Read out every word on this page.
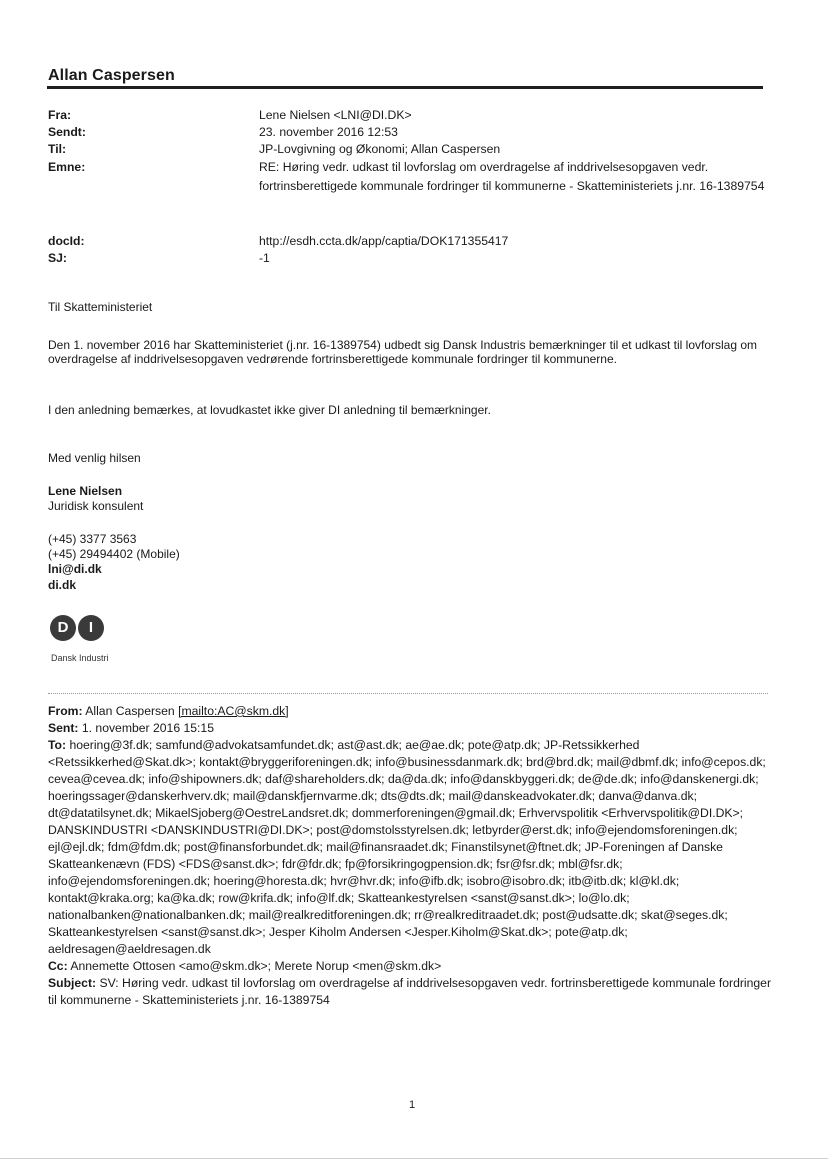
Allan Caspersen
Fra:	Lene Nielsen <LNI@DI.DK>
Sendt:	23. november 2016 12:53
Til:	JP-Lovgivning og Økonomi; Allan Caspersen
Emne:	RE: Høring vedr. udkast til lovforslag om overdragelse af inddrivelsesopgaven vedr. fortrinsberettigede kommunale fordringer til kommunerne - Skatteministeriets j.nr. 16-1389754
docId:	http://esdh.ccta.dk/app/captia/DOK171355417
SJ:	-1
Til Skatteministeriet
Den 1. november 2016 har Skatteministeriet (j.nr. 16-1389754) udbedt sig Dansk Industris bemærkninger til et udkast til lovforslag om overdragelse af inddrivelsesopgaven vedrørende fortrinsberettigede kommunale fordringer til kommunerne.
I den anledning bemærkes, at lovudkastet ikke giver DI anledning til bemærkninger.
Med venlig hilsen
Lene Nielsen
Juridisk konsulent
(+45) 3377 3563
(+45) 29494402 (Mobile)
lni@di.dk
di.dk
D	I
Dansk Industri

From: Allan Caspersen [mailto:AC@skm.dk]

Sent: 1. november 2016 15:15

To: hoering@3f.dk; samfund@advokatsamfundet.dk; ast@ast.dk; ae@ae.dk; pote@atp.dk; JP-Retssikkerhed <Retssikkerhed@Skat.dk>; kontakt@bryggeriforeningen.dk; info@businessdanmark.dk; brd@brd.dk; mail@dbmf.dk; info@cepos.dk; cevea@cevea.dk; info@shipowners.dk; daf@shareholders.dk; da@da.dk; info@danskbyggeri.dk; de@de.dk; info@danskenergi.dk; hoeringssager@danskerhverv.dk; mail@danskfjernvarme.dk; dts@dts.dk; mail@danskeadvokater.dk; danva@danva.dk; dt@datatilsynet.dk; MikaelSjoberg@OestreLandsret.dk; dommerforeningen@gmail.dk; Erhvervspolitik <Erhvervspolitik@DI.DK>; DANSKINDUSTRI <DANSKINDUSTRI@DI.DK>; post@domstolsstyrelsen.dk; letbyrder@erst.dk; info@ejendomsforeningen.dk; ejl@ejl.dk; fdm@fdm.dk; post@finansforbundet.dk; mail@finansraadet.dk; Finanstilsynet@ftnet.dk; JP-Foreningen af Danske Skatteankenævn (FDS) <FDS@sanst.dk>; fdr@fdr.dk; fp@forsikringogpension.dk; fsr@fsr.dk; mbl@fsr.dk; info@ejendomsforeningen.dk; hoering@horesta.dk; hvr@hvr.dk; info@ifb.dk; isobro@isobro.dk; itb@itb.dk; kl@kl.dk; kontakt@kraka.org; ka@ka.dk; row@krifa.dk; info@lf.dk; Skatteankestyrelsen <sanst@sanst.dk>; lo@lo.dk; nationalbanken@nationalbanken.dk; mail@realkreditforeningen.dk; rr@realkreditraadet.dk; post@udsatte.dk; skat@seges.dk; Skatteankestyrelsen <sanst@sanst.dk>; Jesper Kiholm Andersen <Jesper.Kiholm@Skat.dk>; pote@atp.dk; aeldresagen@aeldresagen.dk

Cc: Annemette Ottosen <amo@skm.dk>; Merete Norup <men@skm.dk>

Subject: SV: Høring vedr. udkast til lovforslag om overdragelse af inddrivelsesopgaven vedr. fortrinsberettigede kommunale fordringer til kommunerne - Skatteministeriets j.nr. 16-1389754

1
